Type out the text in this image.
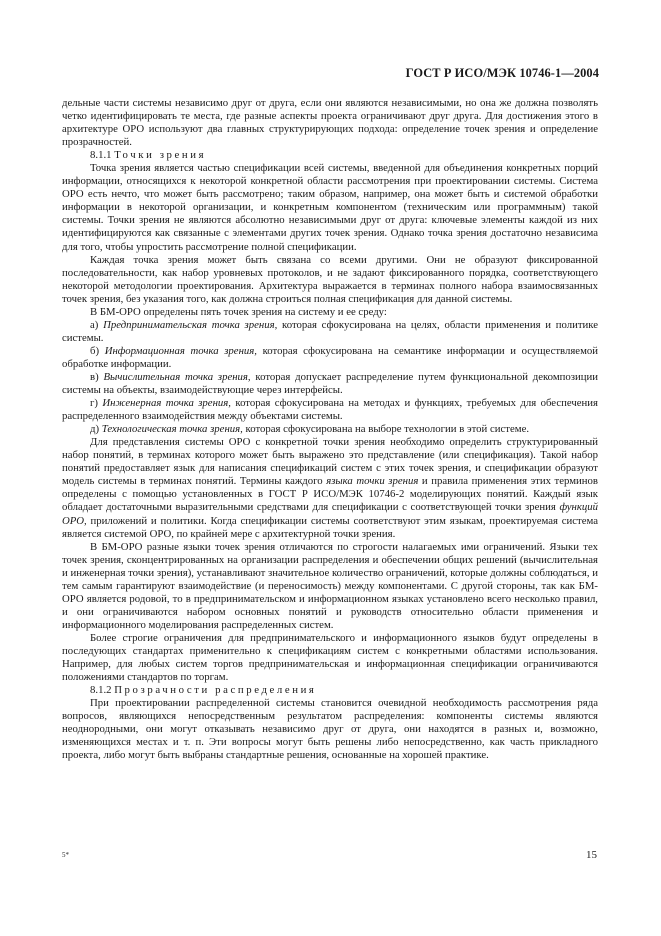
ГОСТ Р ИСО/МЭК 10746-1—2004

дельные части системы независимо друг от друга, если они являются независимыми, но она же должна позволять четко идентифицировать те места, где разные аспекты проекта ограничивают друг друга. Для достижения этого в архитектуре ОРО используют два главных структурирующих подхода: определение точек зрения и определение прозрачностей.

8.1.1 Точки зрения

Точка зрения является частью спецификации всей системы, введенной для объединения конкретных порций информации, относящихся к некоторой конкретной области рассмотрения при проектировании системы. Система ОРО есть нечто, что может быть рассмотрено; таким образом, например, она может быть и системой обработки информации в некоторой организации, и конкретным компонентом (техническим или программным) такой системы. Точки зрения не являются абсолютно независимыми друг от друга: ключевые элементы каждой из них идентифицируются как связанные с элементами других точек зрения. Однако точка зрения достаточно независима для того, чтобы упростить рассмотрение полной спецификации.

Каждая точка зрения может быть связана со всеми другими. Они не образуют фиксированной последовательности, как набор уровневых протоколов, и не задают фиксированного порядка, соответствующего некоторой методологии проектирования. Архитектура выражается в терминах полного набора взаимосвязанных точек зрения, без указания того, как должна строиться полная спецификация для данной системы.

В БМ-ОРО определены пять точек зрения на систему и ее среду:

а) Предпринимательская точка зрения, которая сфокусирована на целях, области применения и политике системы.

б) Информационная точка зрения, которая сфокусирована на семантике информации и осуществляемой обработке информации.

в) Вычислительная точка зрения, которая допускает распределение путем функциональной декомпозиции системы на объекты, взаимодействующие через интерфейсы.

г) Инженерная точка зрения, которая сфокусирована на методах и функциях, требуемых для обеспечения распределенного взаимодействия между объектами системы.

д) Технологическая точка зрения, которая сфокусирована на выборе технологии в этой системе.

Для представления системы ОРО с конкретной точки зрения необходимо определить структурированный набор понятий, в терминах которого может быть выражено это представление (или спецификация). Такой набор понятий предоставляет язык для написания спецификаций систем с этих точек зрения, и спецификации образуют модель системы в терминах понятий. Термины каждого языка точки зрения и правила применения этих терминов определены с помощью установленных в ГОСТ Р ИСО/МЭК 10746-2 моделирующих понятий. Каждый язык обладает достаточными выразительными средствами для спецификации с соответствующей точки зрения функций ОРО, приложений и политики. Когда спецификации системы соответствуют этим языкам, проектируемая система является системой ОРО, по крайней мере с архитектурной точки зрения.

В БМ-ОРО разные языки точек зрения отличаются по строгости налагаемых ими ограничений. Языки тех точек зрения, сконцентрированных на организации распределения и обеспечении общих решений (вычислительная и инженерная точки зрения), устанавливают значительное количество ограничений, которые должны соблюдаться, и тем самым гарантируют взаимодействие (и переносимость) между компонентами. С другой стороны, так как БМ-ОРО является родовой, то в предпринимательском и информационном языках установлено всего несколько правил, и они ограничиваются набором основных понятий и руководств относительно области применения и информационного моделирования распределенных систем.

Более строгие ограничения для предпринимательского и информационного языков будут определены в последующих стандартах применительно к спецификациям систем с конкретными областями использования. Например, для любых систем торгов предпринимательская и информационная спецификации ограничиваются положениями стандартов по торгам.

8.1.2 Прозрачности распределения

При проектировании распределенной системы становится очевидной необходимость рассмотрения ряда вопросов, являющихся непосредственным результатом распределения: компоненты системы являются неоднородными, они могут отказывать независимо друг от друга, они находятся в разных и, возможно, изменяющихся местах и т. п. Эти вопросы могут быть решены либо непосредственно, как часть прикладного проекта, либо могут быть выбраны стандартные решения, основанные на хорошей практике.

5*	15
